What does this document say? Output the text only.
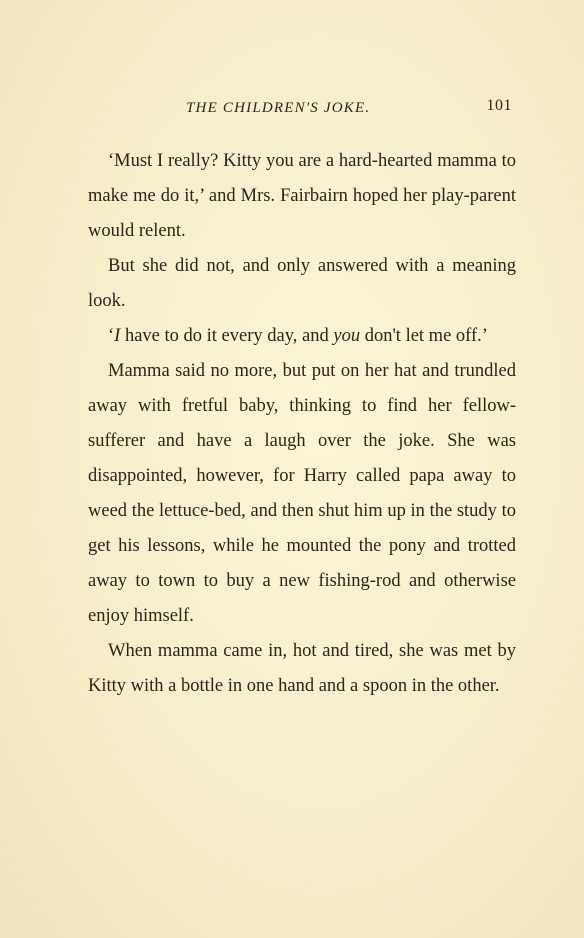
THE CHILDREN'S JOKE.	101

‘Must I really? Kitty you are a hard-hearted mamma to make me do it,’ and Mrs. Fairbairn hoped her play-parent would relent.

But she did not, and only answered with a meaning look.

‘I have to do it every day, and you don't let me off.’

Mamma said no more, but put on her hat and trundled away with fretful baby, thinking to find her fellow-sufferer and have a laugh over the joke. She was disappointed, however, for Harry called papa away to weed the lettuce-bed, and then shut him up in the study to get his lessons, while he mounted the pony and trotted away to town to buy a new fishing-rod and otherwise enjoy himself.

When mamma came in, hot and tired, she was met by Kitty with a bottle in one hand and a spoon in the other.
